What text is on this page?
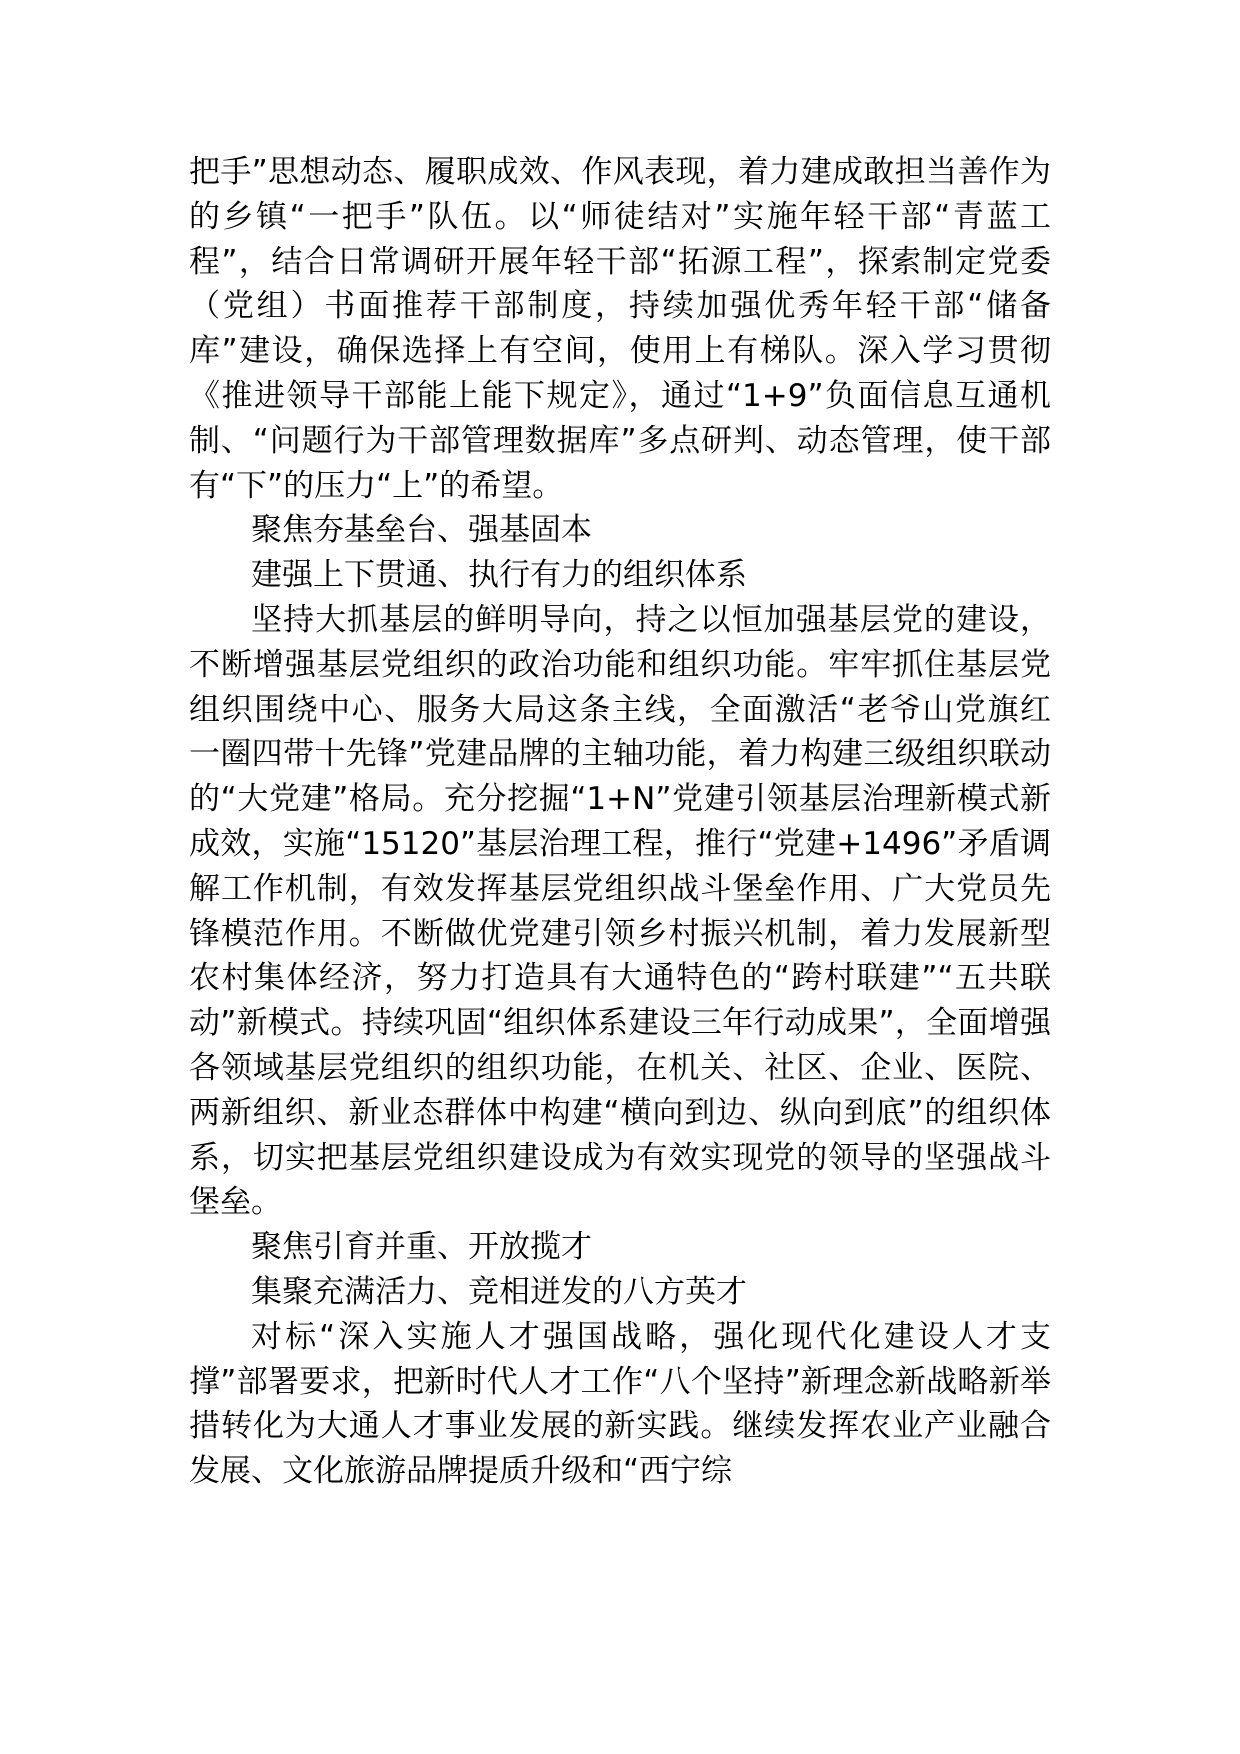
把手”思想动态、履职成效、作风表现，着力建成敢担当善作为的乡镇“一把手”队伍。以“师徒结对”实施年轻干部“青蓝工程”，结合日常调研开展年轻干部“拓源工程”，探索制定党委（党组）书面推荐干部制度，持续加强优秀年轻干部“储备库”建设，确保选择上有空间，使用上有梯队。深入学习贯彻《推进领导干部能上能下规定》，通过“1+9”负面信息互通机制、“问题行为干部管理数据库”多点研判、动态管理，使干部有“下”的压力“上”的希望。

聚焦夯基垒台、强基固本

建强上下贯通、执行有力的组织体系

坚持大抓基层的鲜明导向，持之以恒加强基层党的建设，不断增强基层党组织的政治功能和组织功能。牢牢抓住基层党组织围绕中心、服务大局这条主线，全面激活“老爷山党旗红 一圈四带十先锋”党建品牌的主轴功能，着力构建三级组织联动的“大党建”格局。充分挖掘“1+N”党建引领基层治理新模式新成效，实施“15120”基层治理工程，推行“党建+1496”矛盾调解工作机制，有效发挥基层党组织战斗堡垒作用、广大党员先锋模范作用。不断做优党建引领乡村振兴机制，着力发展新型农村集体经济，努力打造具有大通特色的“跨村联建”“五共联动”新模式。持续巩固“组织体系建设三年行动成果”，全面增强各领域基层党组织的组织功能，在机关、社区、企业、医院、两新组织、新业态群体中构建“横向到边、纵向到底”的组织体系，切实把基层党组织建设成为有效实现党的领导的坚强战斗堡垒。

聚焦引育并重、开放揽才

集聚充满活力、竞相迸发的八方英才

对标“深入实施人才强国战略，强化现代化建设人才支撑”部署要求，把新时代人才工作“八个坚持”新理念新战略新举措转化为大通人才事业发展的新实践。继续发挥农业产业融合发展、文化旅游品牌提质升级和“西宁综
